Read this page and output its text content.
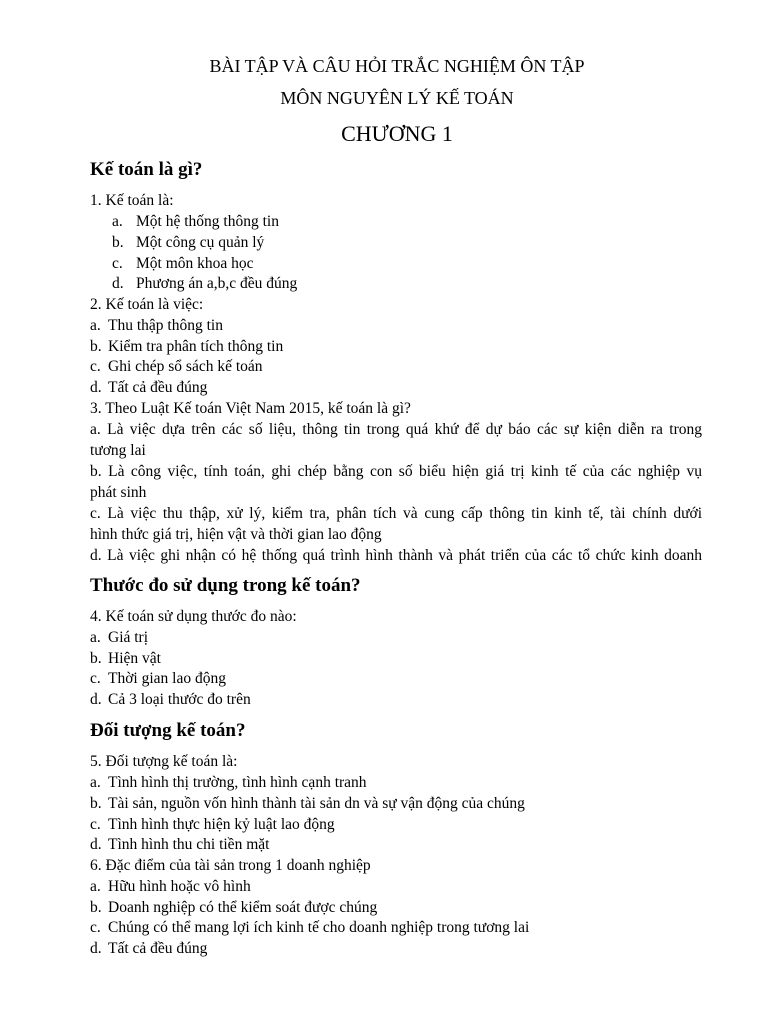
BÀI TẬP VÀ CÂU HỎI TRẮC NGHIỆM ÔN TẬP
MÔN NGUYÊN LÝ KẾ TOÁN
CHƯƠNG 1
Kế toán là gì?
1. Kế toán là:
a. Một hệ thống thông tin
b. Một công cụ quản lý
c. Một môn khoa học
d. Phương án a,b,c đều đúng
2. Kế toán là việc:
a. Thu thập thông tin
b. Kiểm tra phân tích thông tin
c. Ghi chép sổ sách kế toán
d. Tất cả đều đúng
3. Theo Luật Kế toán Việt Nam 2015, kế toán là gì?
a. Là việc dựa trên các số liệu, thông tin trong quá khứ để dự báo các sự kiện diễn ra trong
tương lai
b. Là công việc, tính toán, ghi chép bằng con số biểu hiện giá trị kinh tế của các nghiệp vụ
phát sinh
c. Là việc thu thập, xử lý, kiểm tra, phân tích và cung cấp thông tin kinh tế, tài chính dưới
hình thức giá trị, hiện vật và thời gian lao động
d. Là việc ghi nhận có hệ thống quá trình hình thành và phát triển của các tổ chức kinh doanh
Thước đo sử dụng trong kế toán?
4. Kế toán sử dụng thước đo nào:
a. Giá trị
b. Hiện vật
c. Thời gian lao động
d. Cả 3 loại thước đo trên
Đối tượng kế toán?
5. Đối tượng kế toán là:
a. Tình hình thị trường, tình hình cạnh tranh
b. Tài sản, nguồn vốn hình thành tài sản dn và sự vận động của chúng
c. Tình hình thực hiện kỷ luật lao động
d. Tình hình thu chi tiền mặt
6. Đặc điểm của tài sản trong 1 doanh nghiệp
a. Hữu hình hoặc vô hình
b. Doanh nghiệp có thể kiểm soát được chúng
c. Chúng có thể mang lợi ích kinh tế cho doanh nghiệp trong tương lai
d. Tất cả đều đúng
